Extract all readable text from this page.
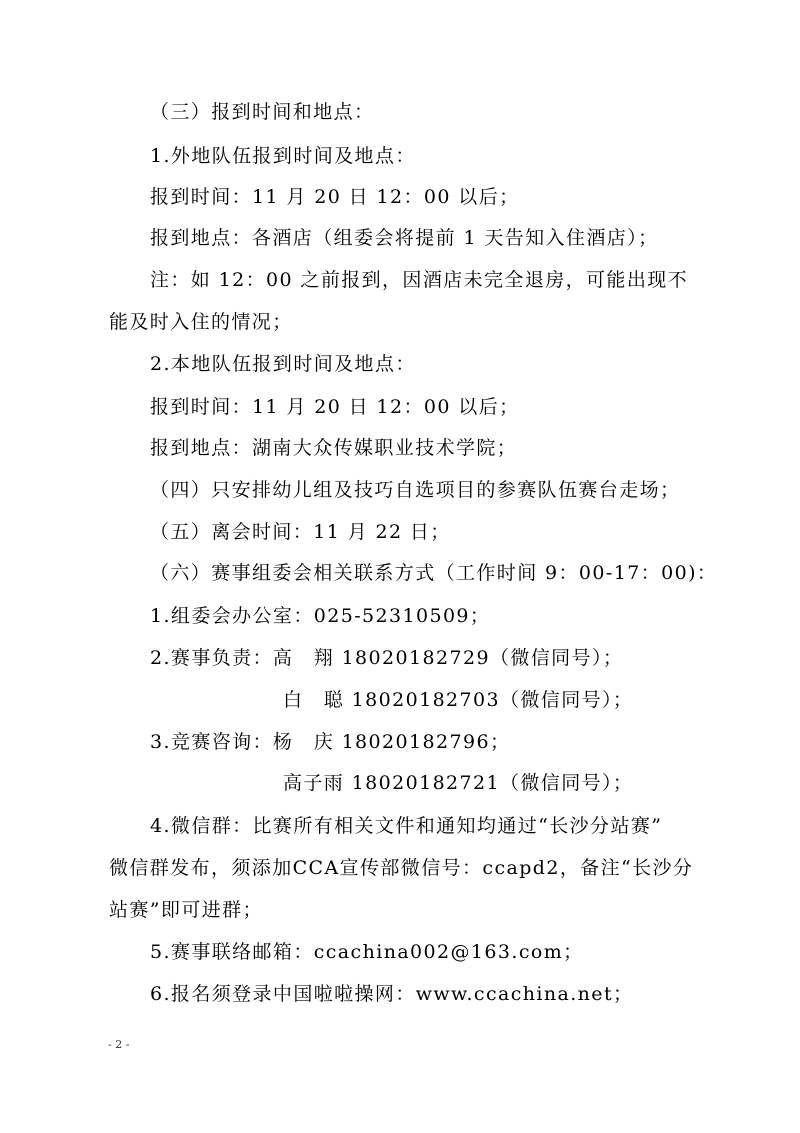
（三）报到时间和地点：
1.外地队伍报到时间及地点：
报到时间：11 月 20 日 12：00 以后；
报到地点：各酒店（组委会将提前 1 天告知入住酒店）；
注：如 12：00 之前报到，因酒店未完全退房，可能出现不
能及时入住的情况；
2.本地队伍报到时间及地点：
报到时间：11 月 20 日 12：00 以后；
报到地点：湖南大众传媒职业技术学院；
（四）只安排幼儿组及技巧自选项目的参赛队伍赛台走场；
（五）离会时间：11 月 22 日；
（六）赛事组委会相关联系方式（工作时间 9：00-17：00)：
1.组委会办公室：025-52310509；
2.赛事负责：高　翔 18020182729（微信同号）；
白　聪 18020182703（微信同号）；
3.竞赛咨询：杨　庆 18020182796；
高子雨 18020182721（微信同号）；
4.微信群：比赛所有相关文件和通知均通过“长沙分站赛”
微信群发布，须添加CCA宣传部微信号：ccapd2，备注“长沙分
站赛”即可进群；
5.赛事联络邮箱：ccachina002@163.com；
6.报名须登录中国啦啦操网：www.ccachina.net；
- 2 -
